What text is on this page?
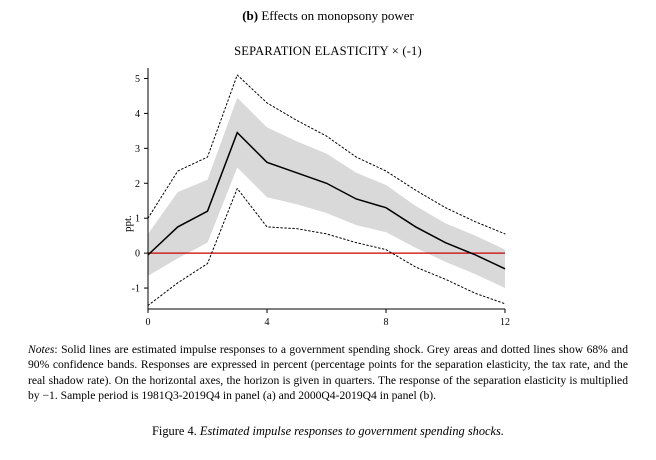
(b) Effects on monopsony power
SEPARATION ELASTICITY × (-1)
ppt.
-1
0
1
2
3
4
5
0	4	8	12
Notes: Solid lines are estimated impulse responses to a government spending shock. Grey areas and dotted lines show 68% and 90% confidence bands. Responses are expressed in percent (percentage points for the separation elasticity, the tax rate, and the real shadow rate). On the horizontal axes, the horizon is given in quarters. The response of the separation elasticity is multiplied by −1. Sample period is 1981Q3-2019Q4 in panel (a) and 2000Q4-2019Q4 in panel (b).
Figure 4. Estimated impulse responses to government spending shocks.
